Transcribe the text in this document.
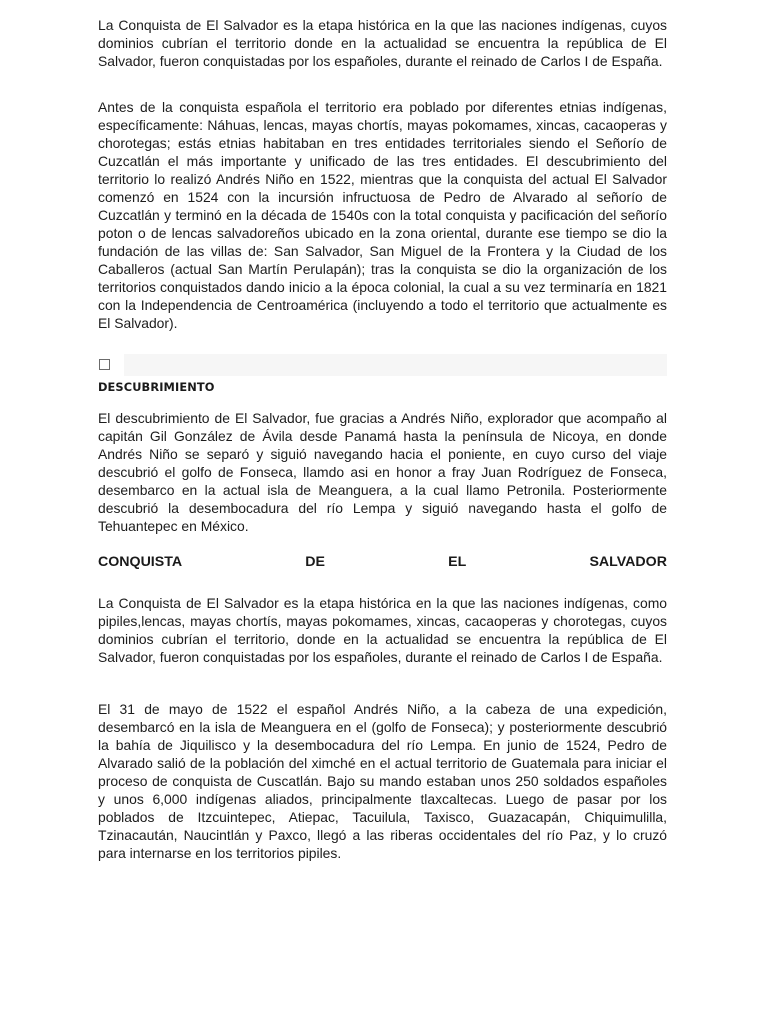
La Conquista de El Salvador es la etapa histórica en la que las naciones indígenas, cuyos dominios cubrían el territorio donde en la actualidad se encuentra la república de El Salvador, fueron conquistadas por los españoles, durante el reinado de Carlos I de España.

Antes de la conquista española el territorio era poblado por diferentes etnias indígenas, específicamente: Náhuas, lencas, mayas chortís, mayas pokomames, xincas, cacaoperas y chorotegas; estás etnias habitaban en tres entidades territoriales siendo el Señorío de Cuzcatlán el más importante y unificado de las tres entidades. El descubrimiento del territorio lo realizó Andrés Niño en 1522, mientras que la conquista del actual El Salvador comenzó en 1524 con la incursión infructuosa de Pedro de Alvarado al señorío de Cuzcatlán y terminó en la década de 1540s con la total conquista y pacificación del señorío poton o de lencas salvadoreños ubicado en la zona oriental, durante ese tiempo se dio la fundación de las villas de: San Salvador, San Miguel de la Frontera y la Ciudad de los Caballeros (actual San Martín Perulapán); tras la conquista se dio la organización de los territorios conquistados dando inicio a la época colonial, la cual a su vez terminaría en 1821 con la Independencia de Centroamérica (incluyendo a todo el territorio que actualmente es El Salvador).

DESCUBRIMIENTO

El descubrimiento de El Salvador, fue gracias a Andrés Niño, explorador que acompaño al capitán Gil González de Ávila desde Panamá hasta la península de Nicoya, en donde Andrés Niño se separó y siguió navegando hacia el poniente, en cuyo curso del viaje descubrió el golfo de Fonseca, llamdo asi en honor a fray Juan Rodríguez de Fonseca, desembarco en la actual isla de Meanguera, a la cual llamo Petronila. Posteriormente descubrió la desembocadura del río Lempa y siguió navegando hasta el golfo de Tehuantepec en México.

CONQUISTA	DE	EL	SALVADOR

La Conquista de El Salvador es la etapa histórica en la que las naciones indígenas, como pipiles,lencas, mayas chortís, mayas pokomames, xincas, cacaoperas y chorotegas, cuyos dominios cubrían el territorio, donde en la actualidad se encuentra la república de El Salvador, fueron conquistadas por los españoles, durante el reinado de Carlos I de España.

El 31 de mayo de 1522 el español Andrés Niño, a la cabeza de una expedición, desembarcó en la isla de Meanguera en el (golfo de Fonseca); y posteriormente descubrió la bahía de Jiquilisco y la desembocadura del río Lempa. En junio de 1524, Pedro de Alvarado salió de la población del ximché en el actual territorio de Guatemala para iniciar el proceso de conquista de Cuscatlán. Bajo su mando estaban unos 250 soldados españoles y unos 6,000 indígenas aliados, principalmente tlaxcaltecas. Luego de pasar por los poblados de Itzcuintepec, Atiepac, Tacuilula, Taxisco, Guazacapán, Chiquimulilla, Tzinacaután, Naucintlán y Paxco, llegó a las riberas occidentales del río Paz, y lo cruzó para internarse en los territorios pipiles.
